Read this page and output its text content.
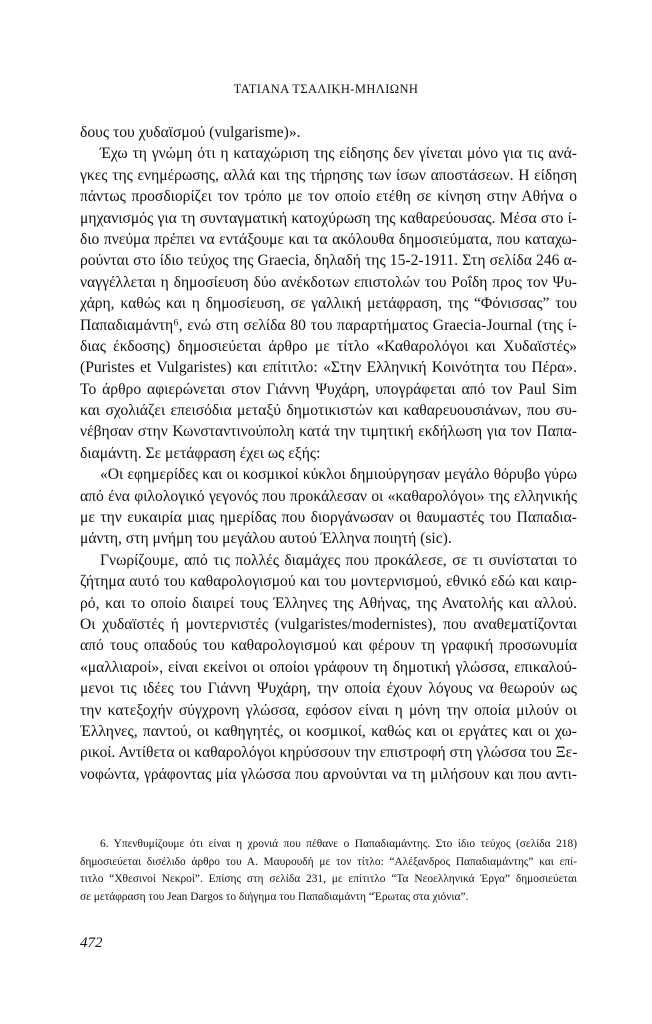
ΤΑΤΙΑΝΑ ΤΣΑΛΙΚΗ-ΜΗΛΙΩΝΗ
δους του χυδαϊσμού (vulgarisme)».
Έχω τη γνώμη ότι η καταχώριση της είδησης δεν γίνεται μόνο για τις ανά-
γκες της ενημέρωσης, αλλά και της τήρησης των ίσων αποστάσεων. Η είδηση
πάντως προσδιορίζει τον τρόπο με τον οποίο ετέθη σε κίνηση στην Αθήνα ο
μηχανισμός για τη συνταγματική κατοχύρωση της καθαρεύουσας. Μέσα στο ί-
διο πνεύμα πρέπει να εντάξουμε και τα ακόλουθα δημοσιεύματα, που καταχω-
ρούνται στο ίδιο τεύχος της Graecia, δηλαδή της 15-2-1911. Στη σελίδα 246 α-
ναγγέλλεται η δημοσίευση δύο ανέκδοτων επιστολών του Ροΐδη προς τον Ψυ-
χάρη, καθώς και η δημοσίευση, σε γαλλική μετάφραση, της “Φόνισσας” του
Παπαδιαμάντη⁶, ενώ στη σελίδα 80 του παραρτήματος Graecia-Journal (της ί-
διας έκδοσης) δημοσιεύεται άρθρο με τίτλο «Καθαρολόγοι και Χυδαϊστές»
(Puristes et Vulgaristes) και επίτιτλο: «Στην Ελληνική Κοινότητα του Πέρα».
Το άρθρο αφιερώνεται στον Γιάννη Ψυχάρη, υπογράφεται από τον Paul Sim
και σχολιάζει επεισόδια μεταξύ δημοτικιστών και καθαρευουσιάνων, που συ-
νέβησαν στην Κωνσταντινούπολη κατά την τιμητική εκδήλωση για τον Παπα-
διαμάντη. Σε μετάφραση έχει ως εξής:
«Οι εφημερίδες και οι κοσμικοί κύκλοι δημιούργησαν μεγάλο θόρυβο γύρω
από ένα φιλολογικό γεγονός που προκάλεσαν οι «καθαρολόγοι» της ελληνικής
με την ευκαιρία μιας ημερίδας που διοργάνωσαν οι θαυμαστές του Παπαδια-
μάντη, στη μνήμη του μεγάλου αυτού Έλληνα ποιητή (sic).
Γνωρίζουμε, από τις πολλές διαμάχες που προκάλεσε, σε τι συνίσταται το
ζήτημα αυτό του καθαρολογισμού και του μοντερνισμού, εθνικό εδώ και καιρ-
ρό, και το οποίο διαιρεί τους Έλληνες της Αθήνας, της Ανατολής και αλλού.
Οι χυδαϊστές ή μοντερνιστές (vulgaristes/modernistes), που αναθεματίζονται
από τους οπαδούς του καθαρολογισμού και φέρουν τη γραφική προσωνυμία
«μαλλιαροί», είναι εκείνοι οι οποίοι γράφουν τη δημοτική γλώσσα, επικαλού-
μενοι τις ιδέες του Γιάννη Ψυχάρη, την οποία έχουν λόγους να θεωρούν ως
την κατεξοχήν σύγχρονη γλώσσα, εφόσον είναι η μόνη την οποία μιλούν οι
Έλληνες, παντού, οι καθηγητές, οι κοσμικοί, καθώς και οι εργάτες και οι χω-
ρικοί. Αντίθετα οι καθαρολόγοι κηρύσσουν την επιστροφή στη γλώσσα του Ξε-
νοφώντα, γράφοντας μία γλώσσα που αρνούνται να τη μιλήσουν και που αντι-
6. Υπενθυμίζουμε ότι είναι η χρονιά που πέθανε ο Παπαδιαμάντης. Στο ίδιο τεύχος (σελίδα 218)
δημοσιεύεται δισέλιδο άρθρο του Α. Μαυρουδή με τον τίτλο: “Αλέξανδρος Παπαδιαμάντης” και επί-
τιτλο “Χθεσινοί Νεκροί”. Επίσης στη σελίδα 231, με επίτιτλο “Τα Νεοελληνικά Έργα” δημοσιεύεται
σε μετάφραση του Jean Dargos το διήγημα του Παπαδιαμάντη “Έρωτας στα χιόνια”.
472
